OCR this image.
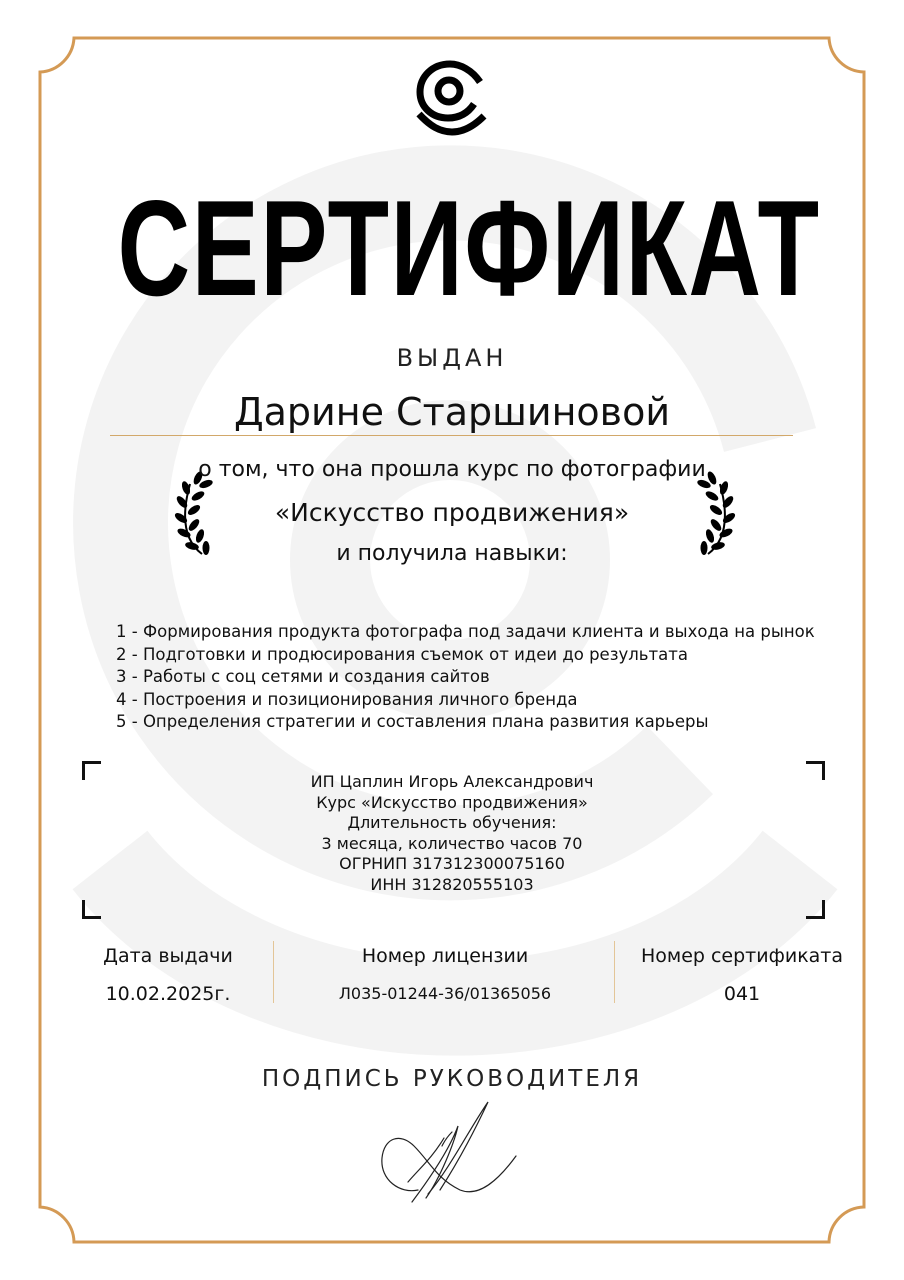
СЕРТИФИКАТ
ВЫДАН
Дарине Старшиновой
о том, что она прошла курс по фотографии
«Искусство продвижения»
и получила навыки:
1 - Формирования продукта фотографа под задачи клиента и выхода на рынок
2 - Подготовки и продюсирования съемок от идеи до результата
3 - Работы с соц сетями и создания сайтов
4 - Построения и позиционирования личного бренда
5 - Определения стратегии и составления плана развития карьеры
ИП Цаплин Игорь Александрович
Курс «Искусство продвижения»
Длительность обучения:
3 месяца, количество часов 70
ОГРНИП 317312300075160
ИНН 312820555103
Дата выдачи
10.02.2025г.
Номер лицензии
Л035-01244-36/01365056
Номер сертификата
041
ПОДПИСЬ РУКОВОДИТЕЛЯ
